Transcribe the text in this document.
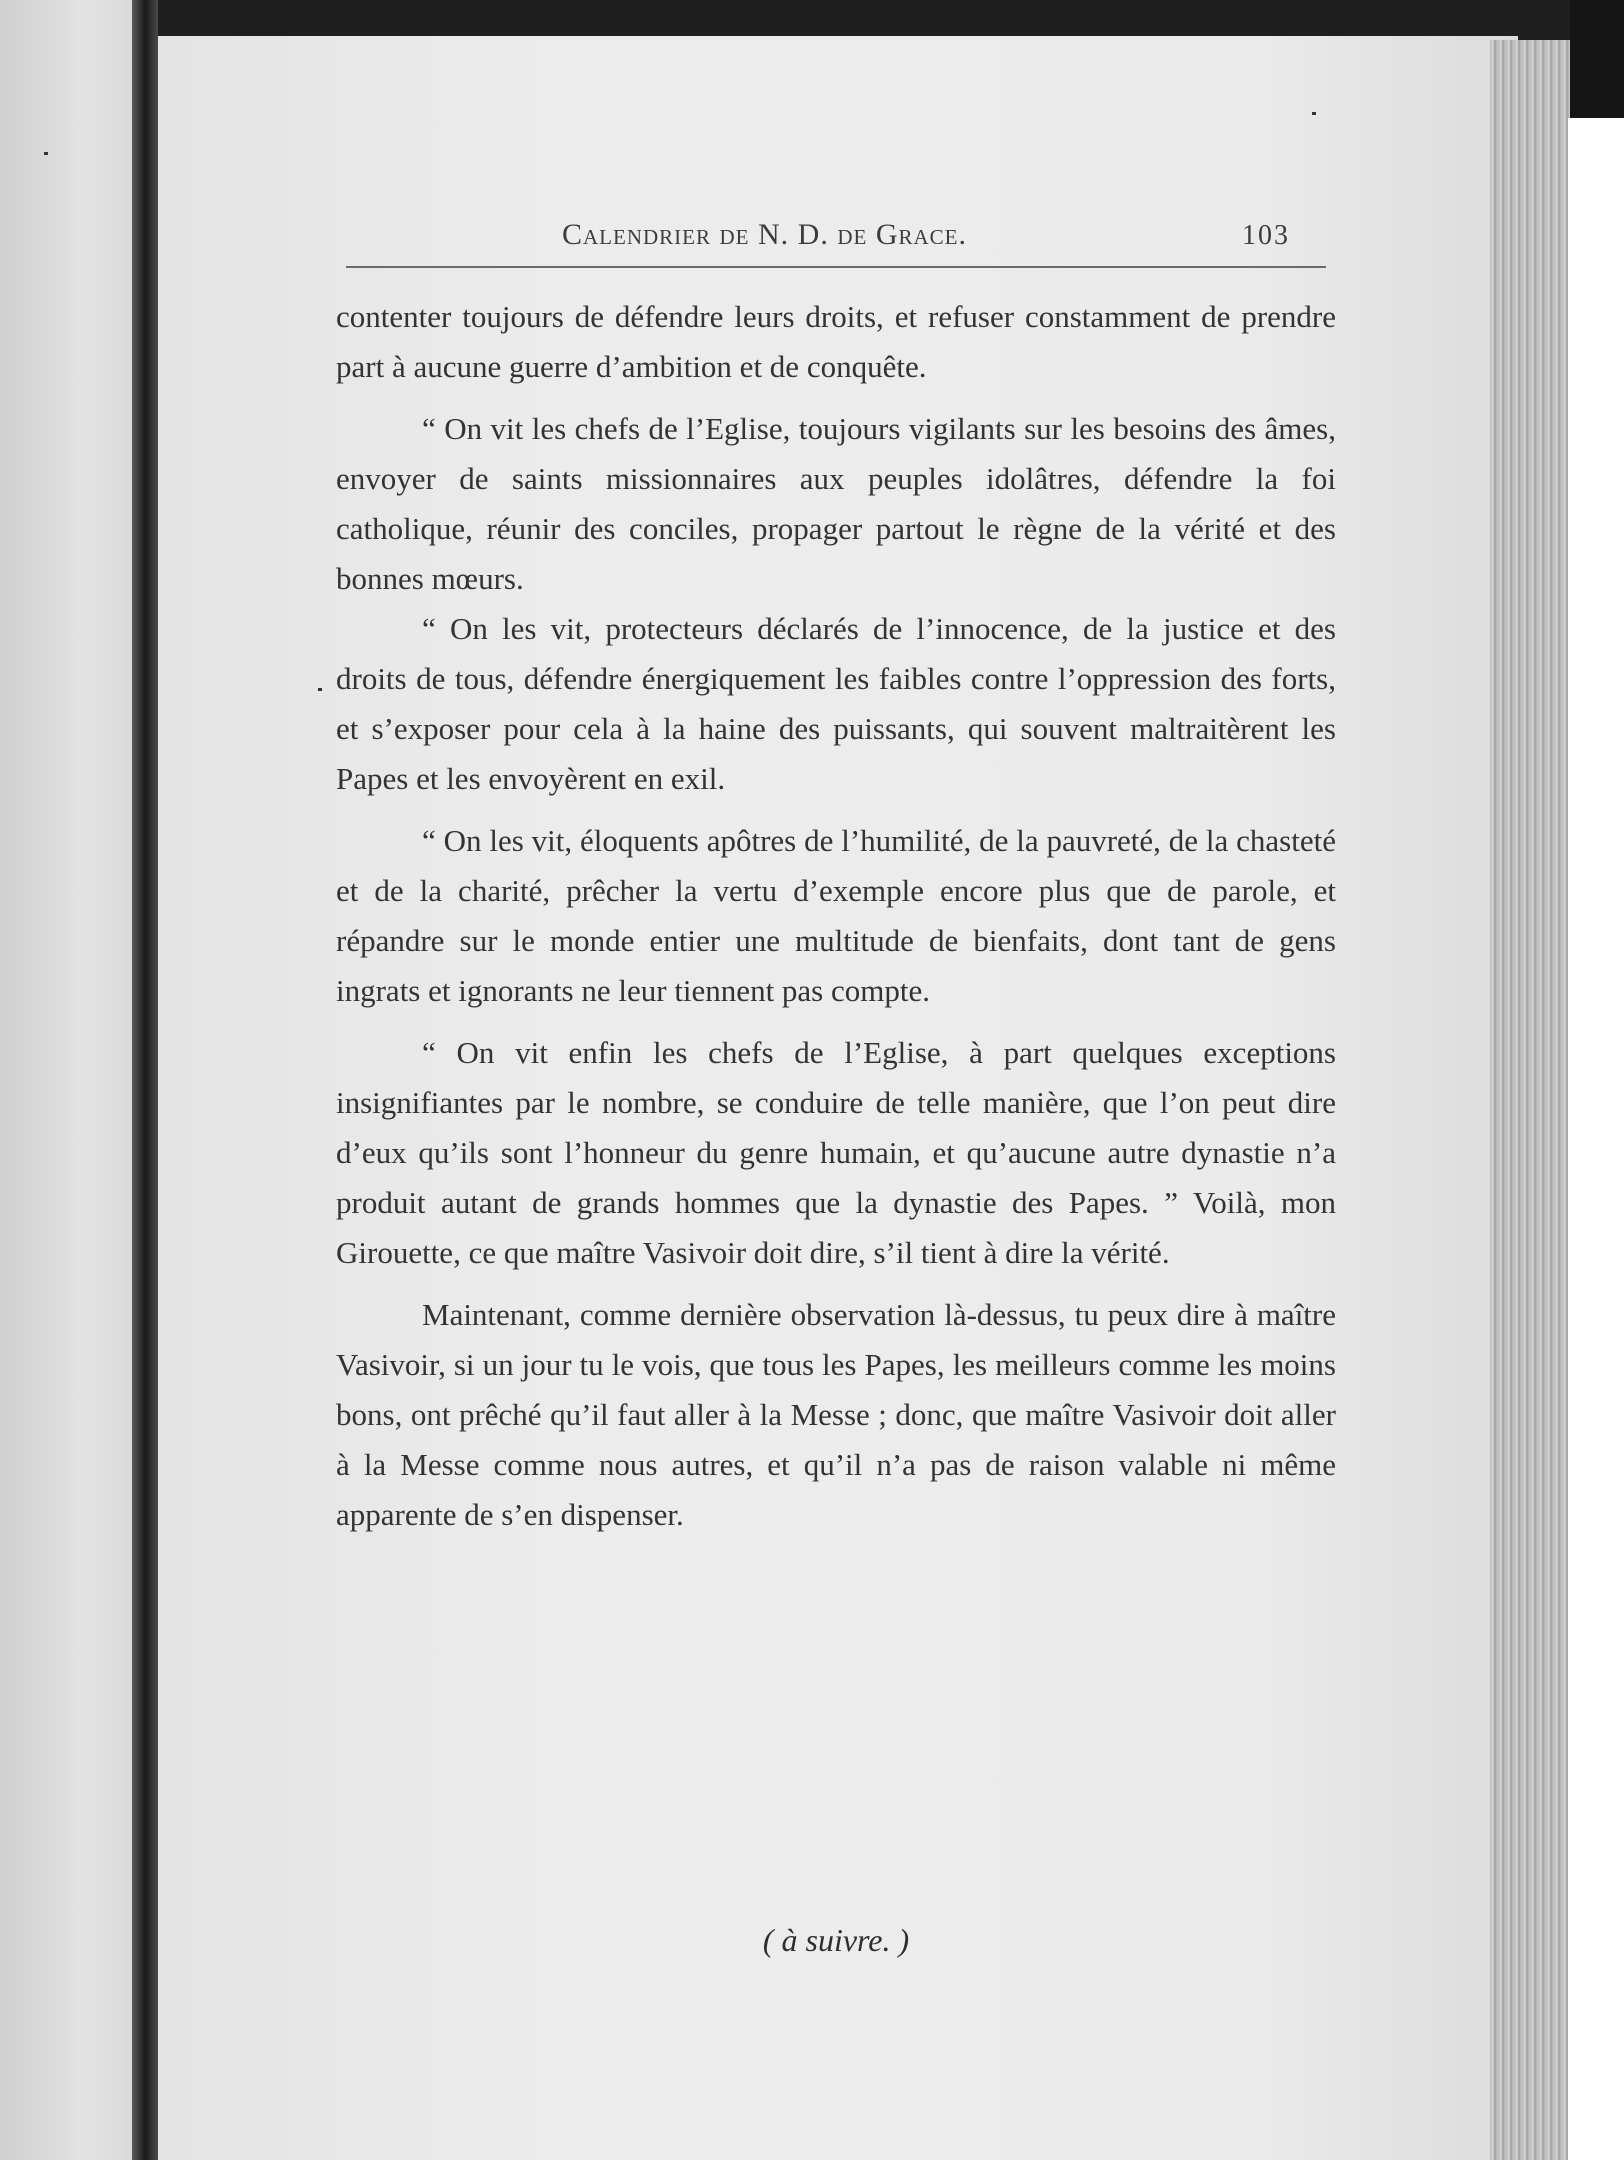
Calendrier de N. D. de Grace.	103

contenter toujours de défendre leurs droits, et refuser constamment de prendre part à aucune guerre d’ambition et de conquête.

“ On vit les chefs de l’Eglise, toujours vigilants sur les besoins des âmes, envoyer de saints missionnaires aux peuples idolâtres, défendre la foi catholique, réunir des conciles, propager partout le règne de la vérité et des bonnes mœurs.

“ On les vit, protecteurs déclarés de l’innocence, de la justice et des droits de tous, défendre énergiquement les faibles contre l’oppression des forts, et s’exposer pour cela à la haine des puissants, qui souvent maltraitèrent les Papes et les envoyèrent en exil.

“ On les vit, éloquents apôtres de l’humilité, de la pauvreté, de la chasteté et de la charité, prêcher la vertu d’exemple encore plus que de parole, et répandre sur le monde entier une multitude de bienfaits, dont tant de gens ingrats et ignorants ne leur tiennent pas compte.

“ On vit enfin les chefs de l’Eglise, à part quelques exceptions insignifiantes par le nombre, se conduire de telle manière, que l’on peut dire d’eux qu’ils sont l’honneur du genre humain, et qu’aucune autre dynastie n’a produit autant de grands hommes que la dynastie des Papes. ” Voilà, mon Girouette, ce que maître Vasivoir doit dire, s’il tient à dire la vérité.

Maintenant, comme dernière observation là-dessus, tu peux dire à maître Vasivoir, si un jour tu le vois, que tous les Papes, les meilleurs comme les moins bons, ont prêché qu’il faut aller à la Messe ; donc, que maître Vasivoir doit aller à la Messe comme nous autres, et qu’il n’a pas de raison valable ni même apparente de s’en dispenser.

( à suivre. )
